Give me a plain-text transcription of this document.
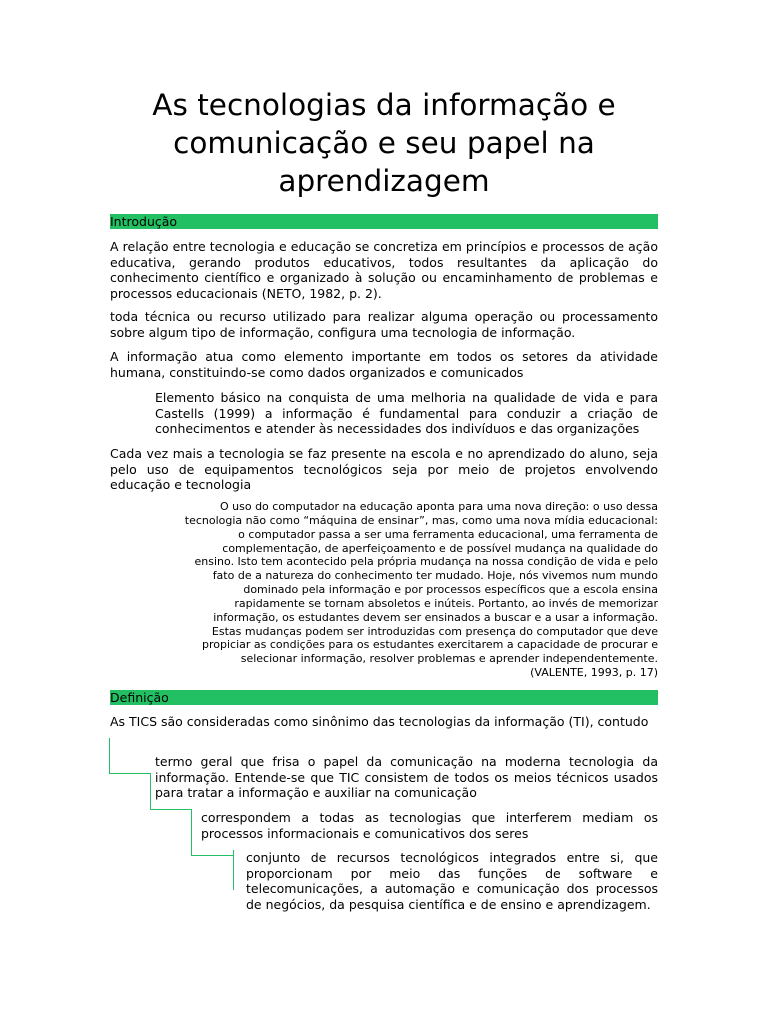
As tecnologias da informação e comunicação e seu papel na aprendizagem
Introdução

A relação entre tecnologia e educação se concretiza em princípios e processos de ação educativa, gerando produtos educativos, todos resultantes da aplicação do conhecimento científico e organizado à solução ou encaminhamento de problemas e processos educacionais (NETO, 1982, p. 2).

toda técnica ou recurso utilizado para realizar alguma operação ou processamento sobre algum tipo de informação, configura uma tecnologia de informação.

A informação atua como elemento importante em todos os setores da atividade humana, constituindo-se como dados organizados e comunicados

Elemento básico na conquista de uma melhoria na qualidade de vida e para Castells (1999) a informação é fundamental para conduzir a criação de conhecimentos e atender às necessidades dos indivíduos e das organizações

Cada vez mais a tecnologia se faz presente na escola e no aprendizado do aluno, seja pelo uso de equipamentos tecnológicos seja por meio de projetos envolvendo educação e tecnologia

O uso do computador na educação aponta para uma nova direção: o uso dessa
tecnologia não como “máquina de ensinar”, mas, como uma nova mídia educacional:
o computador passa a ser uma ferramenta educacional, uma ferramenta de
complementação, de aperfeiçoamento e de possível mudança na qualidade do
ensino. Isto tem acontecido pela própria mudança na nossa condição de vida e pelo
fato de a natureza do conhecimento ter mudado. Hoje, nós vivemos num mundo
dominado pela informação e por processos específicos que a escola ensina
rapidamente se tornam absoletos e inúteis. Portanto, ao invés de memorizar
informação, os estudantes devem ser ensinados a buscar e a usar a informação.
Estas mudanças podem ser introduzidas com presença do computador que deve
propiciar as condições para os estudantes exercitarem a capacidade de procurar e
selecionar informação, resolver problemas e aprender independentemente.
(VALENTE, 1993, p. 17)
Definição

As TICS são consideradas como sinônimo das tecnologias da informação (TI), contudo

termo geral que frisa o papel da comunicação na moderna tecnologia da informação. Entende-se que TIC consistem de todos os meios técnicos usados para tratar a informação e auxiliar na comunicação

correspondem a todas as tecnologias que interferem mediam os processos informacionais e comunicativos dos seres

conjunto de recursos tecnológicos integrados entre si, que proporcionam por meio das funções de software e telecomunicações, a automação e comunicação dos processos de negócios, da pesquisa científica e de ensino e aprendizagem.
